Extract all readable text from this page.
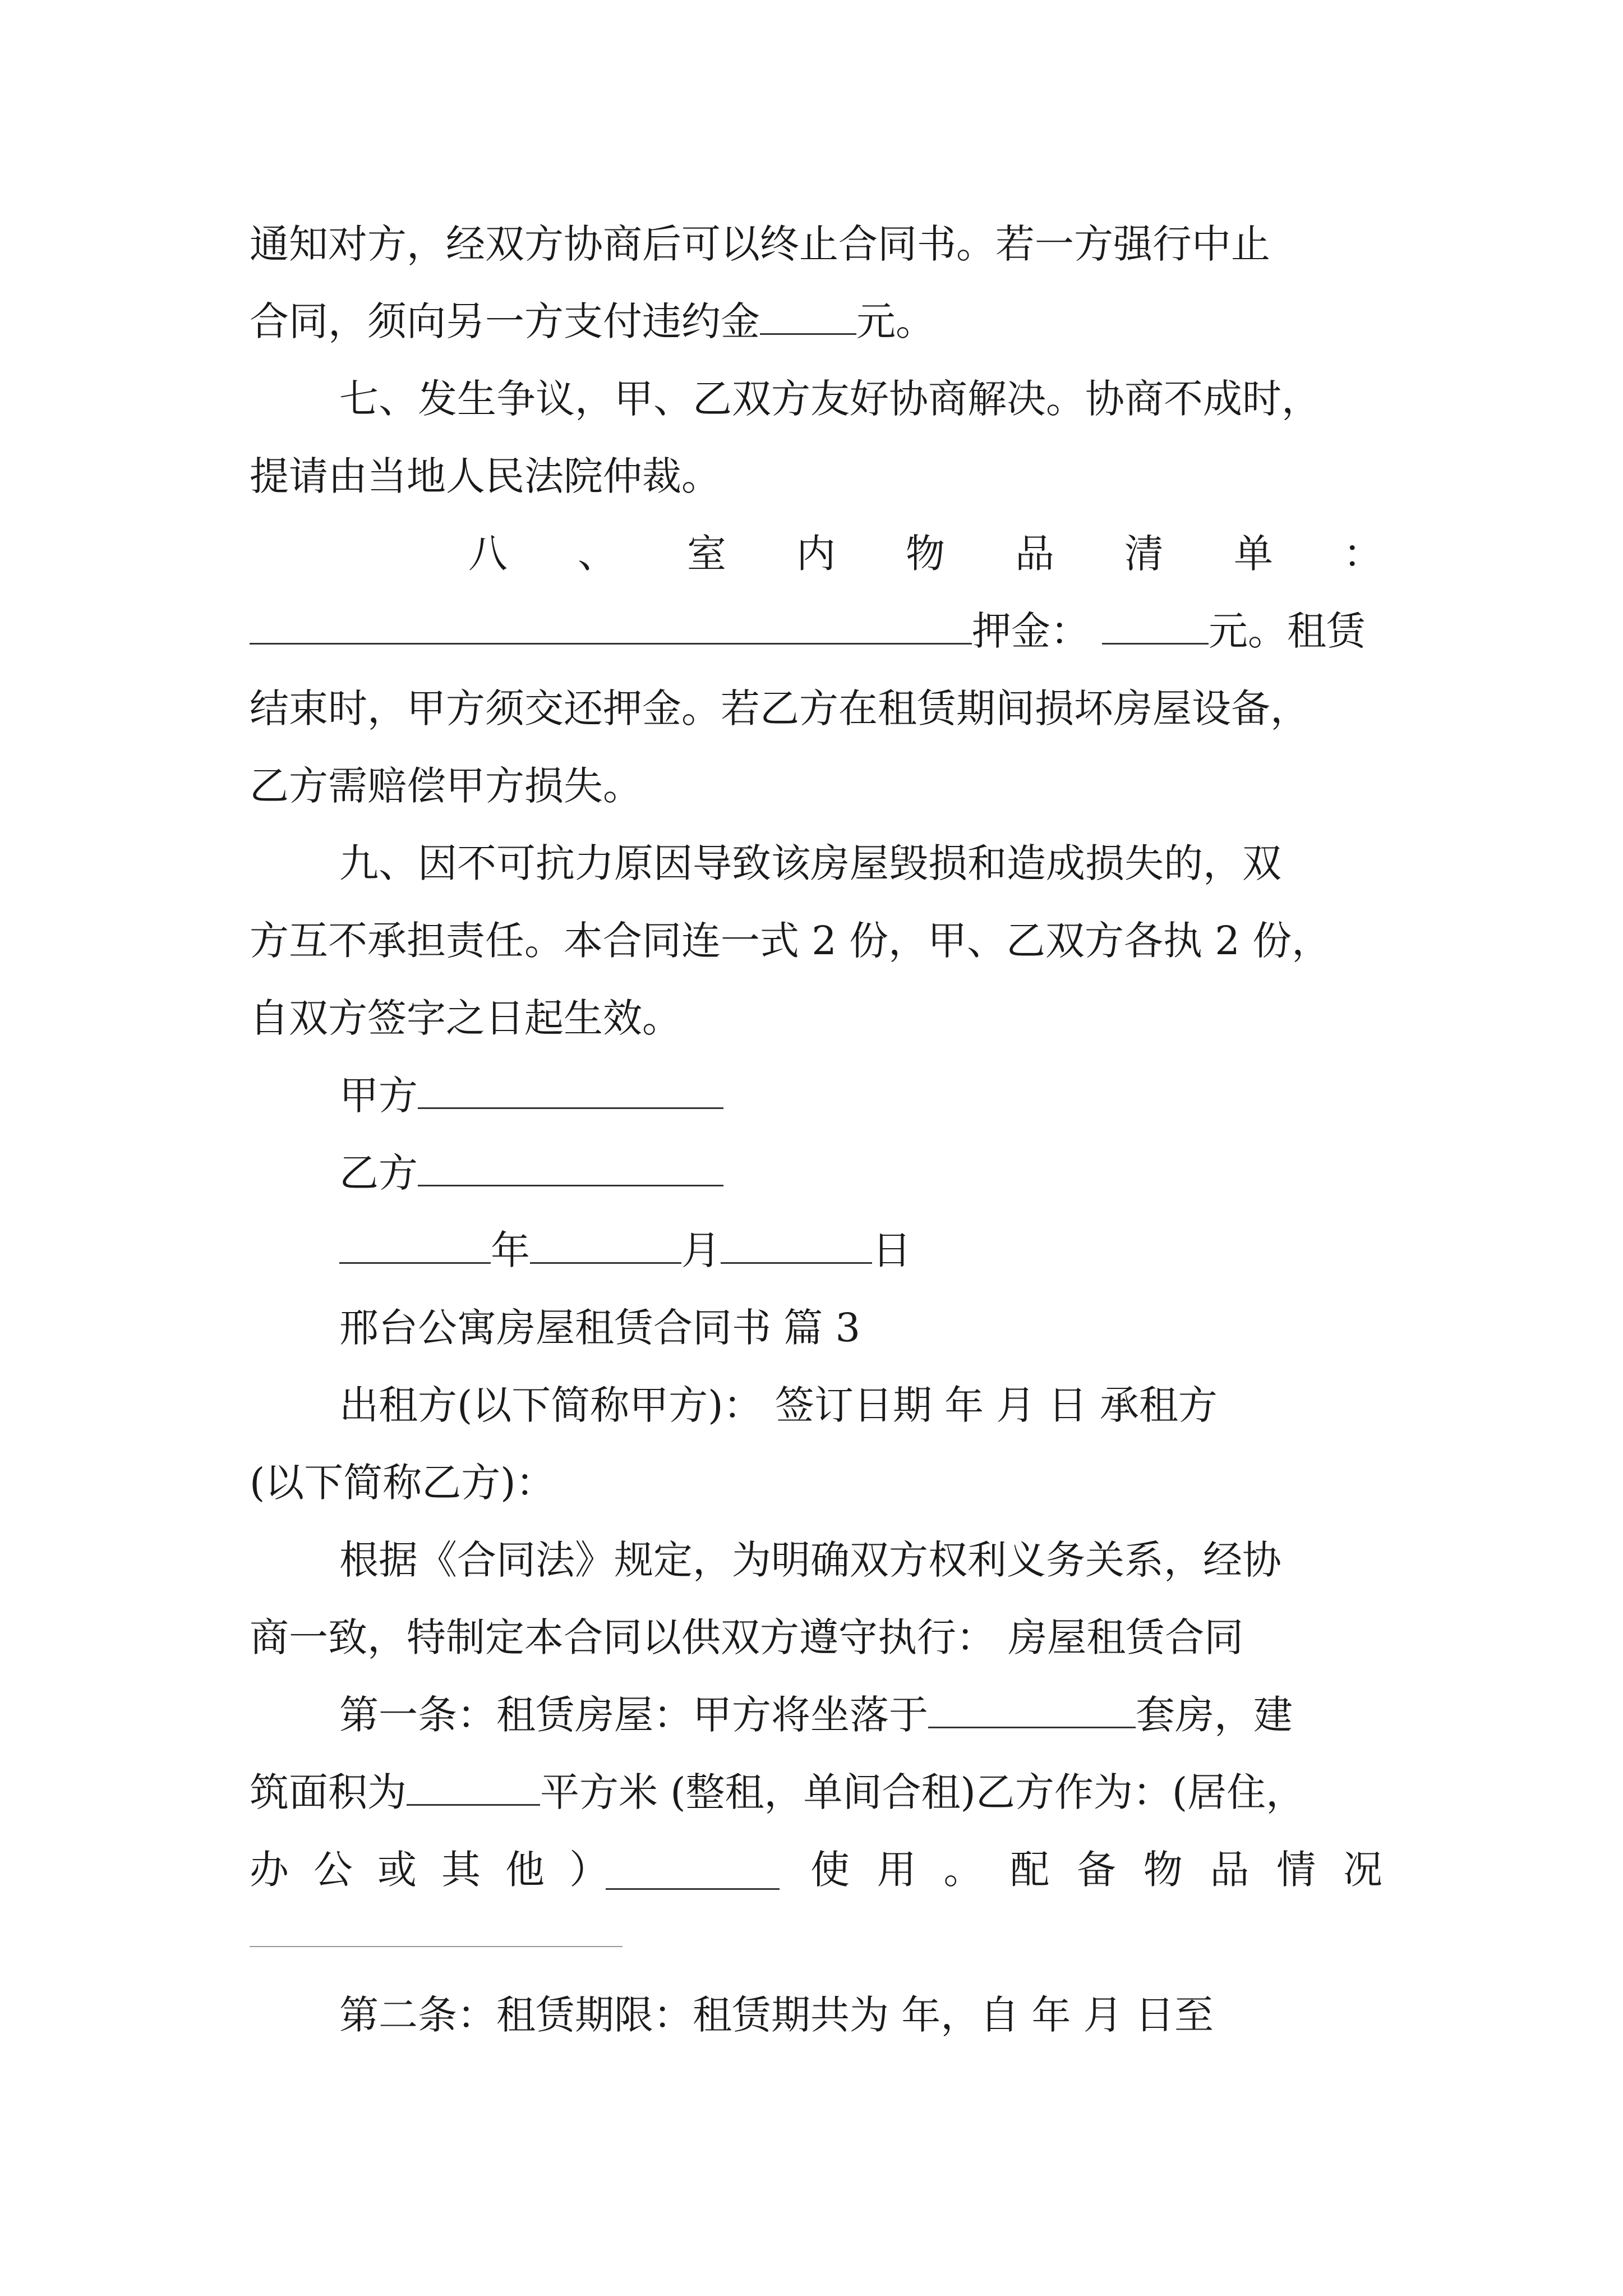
通知对方，经双方协商后可以终止合同书。若一方强行中止
合同，须向另一方支付违约金 元。
七、发生争议，甲、乙双方友好协商解决。协商不成时，
提请由当地人民法院仲裁。
八 、 室 内 物 品 清 单 ：
押金：	元。租赁
结束时，甲方须交还押金。若乙方在租赁期间损坏房屋设备，
乙方需赔偿甲方损失。
九、因不可抗力原因导致该房屋毁损和造成损失的，双
方互不承担责任。本合同连一式 2 份，甲、乙双方各执 2 份，
自双方签字之日起生效。
甲方
乙方
年	月	日
邢台公寓房屋租赁合同书 篇 3
出租方(以下简称甲方)： 签订日期 年 月 日 承租方
(以下简称乙方)：
根据《合同法》规定，为明确双方权利义务关系，经协
商一致，特制定本合同以供双方遵守执行： 房屋租赁合同
第一条：租赁房屋：甲方将坐落于	套房，建
筑面积为	平方米 (整租，单间合租)乙方作为：(居住，
办 公 或 其 他 ）	使 用 。 配 备 物 品 情 况
第二条：租赁期限：租赁期共为 年，自 年 月 日至
